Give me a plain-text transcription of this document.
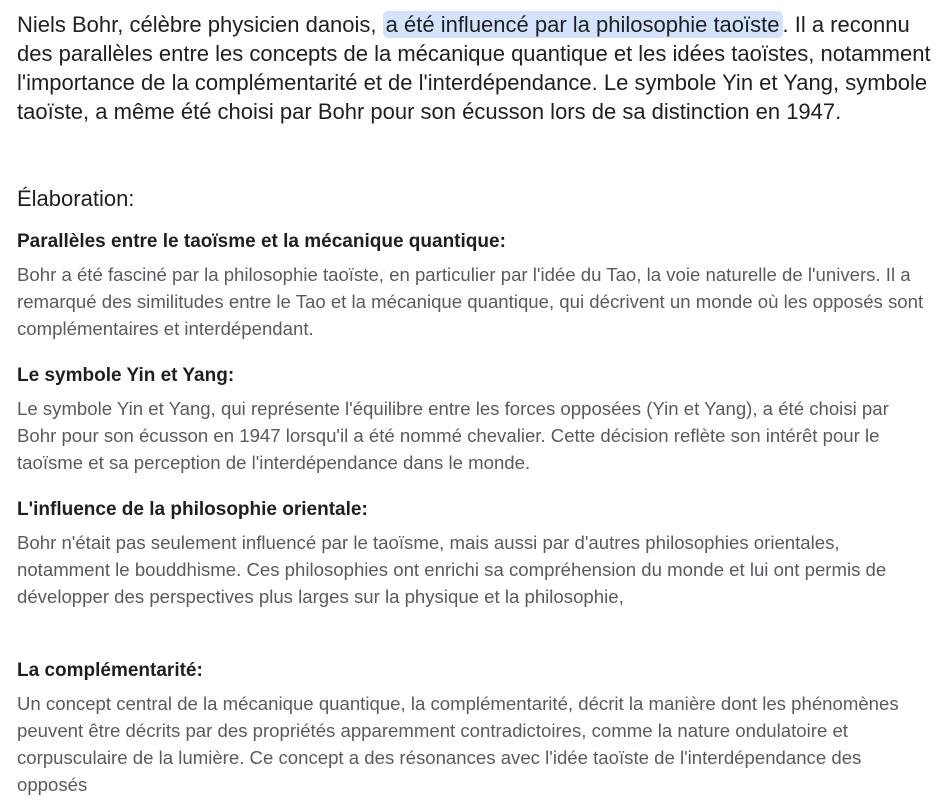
Niels Bohr, célèbre physicien danois, a été influencé par la philosophie taoïste . Il a reconnu des parallèles entre les concepts de la mécanique quantique et les idées taoïstes, notamment l'importance de la complémentarité et de l'interdépendance. Le symbole Yin et Yang, symbole taoïste, a même été choisi par Bohr pour son écusson lors de sa distinction en 1947.

Élaboration:
Parallèles entre le taoïsme et la mécanique quantique:

Bohr a été fasciné par la philosophie taoïste, en particulier par l'idée du Tao, la voie naturelle de l'univers. Il a remarqué des similitudes entre le Tao et la mécanique quantique, qui décrivent un monde où les opposés sont complémentaires et interdépendant.

Le symbole Yin et Yang:

Le symbole Yin et Yang, qui représente l'équilibre entre les forces opposées (Yin et Yang), a été choisi par Bohr pour son écusson en 1947 lorsqu'il a été nommé chevalier. Cette décision reflète son intérêt pour le taoïsme et sa perception de l'interdépendance dans le monde.

L'influence de la philosophie orientale:

Bohr n'était pas seulement influencé par le taoïsme, mais aussi par d'autres philosophies orientales, notamment le bouddhisme. Ces philosophies ont enrichi sa compréhension du monde et lui ont permis de développer des perspectives plus larges sur la physique et la philosophie,

La complémentarité:

Un concept central de la mécanique quantique, la complémentarité, décrit la manière dont les phénomènes peuvent être décrits par des propriétés apparemment contradictoires, comme la nature ondulatoire et corpusculaire de la lumière. Ce concept a des résonances avec l'idée taoïste de l'interdépendance des opposés
